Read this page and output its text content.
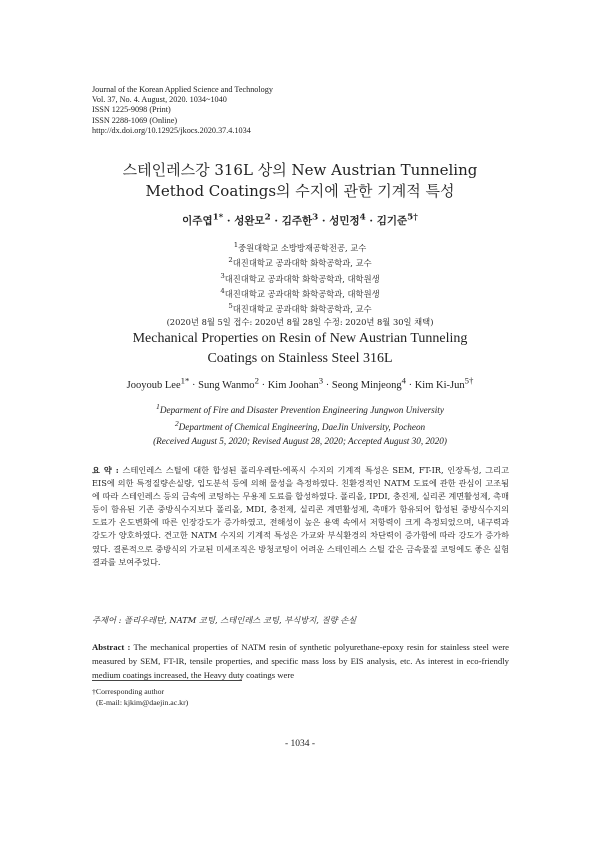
Journal of the Korean Applied Science and Technology
Vol. 37, No. 4. August, 2020. 1034~1040
ISSN 1225-9098 (Print)
ISSN 2288-1069 (Online)
http://dx.doi.org/10.12925/jkocs.2020.37.4.1034
스테인레스강 316L 상의 New Austrian Tunneling
Method Coatings의 수지에 관한 기계적 특성
이주엽$^{1*}$ · 성완모$^2$ · 김주한$^3$ · 성민정$^4$ · 김기준$^{5\dagger}$
$^1$중원대학교 소방방재공학전공, 교수
$^2$대진대학교 공과대학 화학공학과, 교수
$^3$대진대학교 공과대학 화학공학과, 대학원생
$^4$대진대학교 공과대학 화학공학과, 대학원생
$^5$대진대학교 공과대학 화학공학과, 교수
(2020년 8월 5일 접수: 2020년 8월 28일 수정: 2020년 8월 30일 채택)
Mechanical Properties on Resin of New Austrian Tunneling
Coatings on Stainless Steel 316L
Jooyoub Lee$^{1*}$ · Sung Wanmo$^2$ · Kim Joohan$^3$ · Seong Minjeong$^4$ · Kim Ki-Jun$^{5\dagger}$
$^1$Deparment of Fire and Disaster Prevention Engineering Jungwon University
$^2$Department of Chemical Engineering, DaeJin University, Pocheon
(Received August 5, 2020; Revised August 28, 2020; Accepted August 30, 2020)
요 약 : 스테인레스 스틸에 대한 합성된 폴리우레탄-에폭시 수지의 기계적 특성은 SEM, FT-IR, 인장특성, 그리고 EIS에 의한 특정질량손실량, 입도분석 등에 의해 물성을 측정하였다. 친환경적인 NATM 도료에 관한 관심이 고조됨에 따라 스테인레스 등의 금속에 코팅하는 무용제 도료를 합성하였다. 폴리올, IPDI, 충진제, 실리콘 계면활성제, 촉매 등이 함유된 기존 중방식수지보다 폴리올, MDI, 충전제, 실리콘 계면활성제, 촉매가 함유되어 합성된 중방식수지의 도료가 온도변화에 따른 인장강도가 증가하였고, 전해성이 높은 용액 속에서 저항력이 크게 측정되었으며, 내구력과 강도가 양호하였다. 견고한 NATM 수지의 기계적 특성은 가교와 부식환경의 차단력이 증가함에 따라 강도가 증가하였다. 결론적으로 중방식의 가교된 미세조직은 방청코팅이 어려운 스테인레스 스틸 같은 금속물질 코팅에도 좋은 실험결과를 보여주었다.
주제어 : 폴리우레탄, NATM 코팅, 스테인레스 코팅, 부식방지, 질량 손실
Abstract : The mechanical properties of NATM resin of synthetic polyurethane-epoxy resin for stainless steel were measured by SEM, FT-IR, tensile properties, and specific mass loss by EIS analysis, etc. As interest in eco-friendly medium coatings increased, the Heavy duty coatings were
†Corresponding author
(E-mail: kjkim@daejin.ac.kr)
- 1034 -
